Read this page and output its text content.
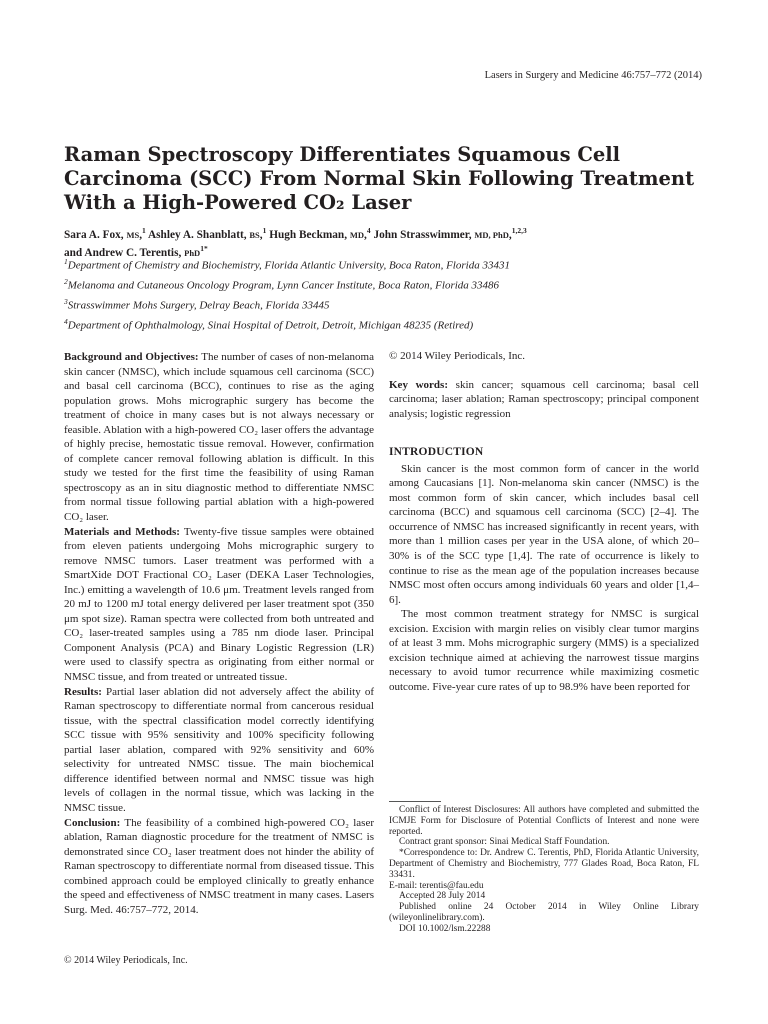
Lasers in Surgery and Medicine 46:757–772 (2014)
Raman Spectroscopy Differentiates Squamous Cell Carcinoma (SCC) From Normal Skin Following Treatment With a High-Powered CO₂ Laser
Sara A. Fox, MS,$^1$ Ashley A. Shanblatt, BS,$^1$ Hugh Beckman, MD,$^4$ John Strasswimmer, MD, PhD,$^{1,2,3}$
and Andrew C. Terentis, PhD$^{1*}$
$^1$Department of Chemistry and Biochemistry, Florida Atlantic University, Boca Raton, Florida 33431
$^2$Melanoma and Cutaneous Oncology Program, Lynn Cancer Institute, Boca Raton, Florida 33486
$^3$Strasswimmer Mohs Surgery, Delray Beach, Florida 33445
$^4$Department of Ophthalmology, Sinai Hospital of Detroit, Detroit, Michigan 48235 (Retired)

Background and Objectives: The number of cases of non-melanoma skin cancer (NMSC), which include squamous cell carcinoma (SCC) and basal cell carcinoma (BCC), continues to rise as the aging population grows. Mohs micrographic surgery has become the treatment of choice in many cases but is not always necessary or feasible. Ablation with a high-powered CO₂ laser offers the advantage of highly precise, hemostatic tissue removal. However, confirmation of complete cancer removal following ablation is difficult. In this study we tested for the first time the feasibility of using Raman spectroscopy as an in situ diagnostic method to differentiate NMSC from normal tissue following partial ablation with a high-powered CO₂ laser.

Materials and Methods: Twenty-five tissue samples were obtained from eleven patients undergoing Mohs micrographic surgery to remove NMSC tumors. Laser treatment was performed with a SmartXide DOT Fractional CO₂ Laser (DEKA Laser Technologies, Inc.) emitting a wavelength of 10.6 μm. Treatment levels ranged from 20 mJ to 1200 mJ total energy delivered per laser treatment spot (350 μm spot size). Raman spectra were collected from both untreated and CO₂ laser-treated samples using a 785 nm diode laser. Principal Component Analysis (PCA) and Binary Logistic Regression (LR) were used to classify spectra as originating from either normal or NMSC tissue, and from treated or untreated tissue.

Results: Partial laser ablation did not adversely affect the ability of Raman spectroscopy to differentiate normal from cancerous residual tissue, with the spectral classification model correctly identifying SCC tissue with 95% sensitivity and 100% specificity following partial laser ablation, compared with 92% sensitivity and 60% selectivity for untreated NMSC tissue. The main biochemical difference identified between normal and NMSC tissue was high levels of collagen in the normal tissue, which was lacking in the NMSC tissue.

Conclusion: The feasibility of a combined high-powered CO₂ laser ablation, Raman diagnostic procedure for the treatment of NMSC is demonstrated since CO₂ laser treatment does not hinder the ability of Raman spectroscopy to differentiate normal from diseased tissue. This combined approach could be employed clinically to greatly enhance the speed and effectiveness of NMSC treatment in many cases. Lasers Surg. Med. 46:757–772, 2014.

© 2014 Wiley Periodicals, Inc.

Key words: skin cancer; squamous cell carcinoma; basal cell carcinoma; laser ablation; Raman spectroscopy; principal component analysis; logistic regression

INTRODUCTION

Skin cancer is the most common form of cancer in the world among Caucasians [1]. Non-melanoma skin cancer (NMSC) is the most common form of skin cancer, which includes basal cell carcinoma (BCC) and squamous cell carcinoma (SCC) [2–4]. The occurrence of NMSC has increased significantly in recent years, with more than 1 million cases per year in the USA alone, of which 20–30% is of the SCC type [1,4]. The rate of occurrence is likely to continue to rise as the mean age of the population increases because NMSC most often occurs among individuals 60 years and older [1,4–6].

The most common treatment strategy for NMSC is surgical excision. Excision with margin relies on visibly clear tumor margins of at least 3 mm. Mohs micrographic surgery (MMS) is a specialized excision technique aimed at achieving the narrowest tissue margins necessary to avoid tumor recurrence while maximizing cosmetic outcome. Five-year cure rates of up to 98.9% have been reported for

Conflict of Interest Disclosures: All authors have completed and submitted the ICMJE Form for Disclosure of Potential Conflicts of Interest and none were reported.

Contract grant sponsor: Sinai Medical Staff Foundation.

*Correspondence to: Dr. Andrew C. Terentis, PhD, Florida Atlantic University, Department of Chemistry and Biochemistry, 777 Glades Road, Boca Raton, FL 33431.

E-mail: terentis@fau.edu

Accepted 28 July 2014

Published online 24 October 2014 in Wiley Online Library (wileyonlinelibrary.com).

DOI 10.1002/lsm.22288

© 2014 Wiley Periodicals, Inc.
